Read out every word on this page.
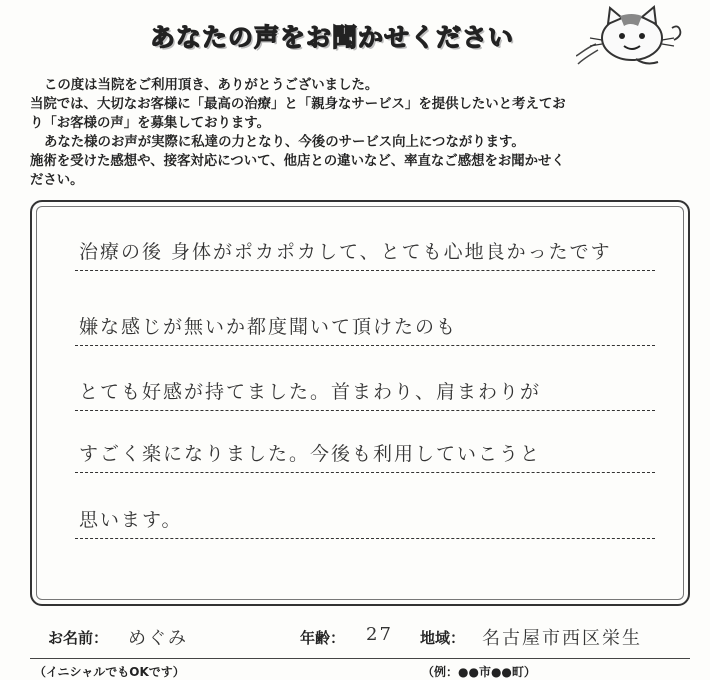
あなたの声をお聞かせください

この度は当院をご利用頂き、ありがとうございました。

当院では、大切なお客様に「最高の治療」と「親身なサービス」を提供したいと考えてお

り「お客様の声」を募集しております。

あなた様のお声が実際に私達の力となり、今後のサービス向上につながります。

施術を受けた感想や、接客対応について、他店との違いなど、率直なご感想をお聞かせく

ださい。

治療の後 身体がポカポカして、とても心地良かったです
嫌な感じが無いか都度聞いて頂けたのも
とても好感が持てました。首まわり、肩まわりが
すごく楽になりました。今後も利用していこうと
思います。
お名前： めぐみ	年齢： 27 地域： 名古屋市西区栄生
（イニシャルでもOKです）	（例：●●市●●町）
